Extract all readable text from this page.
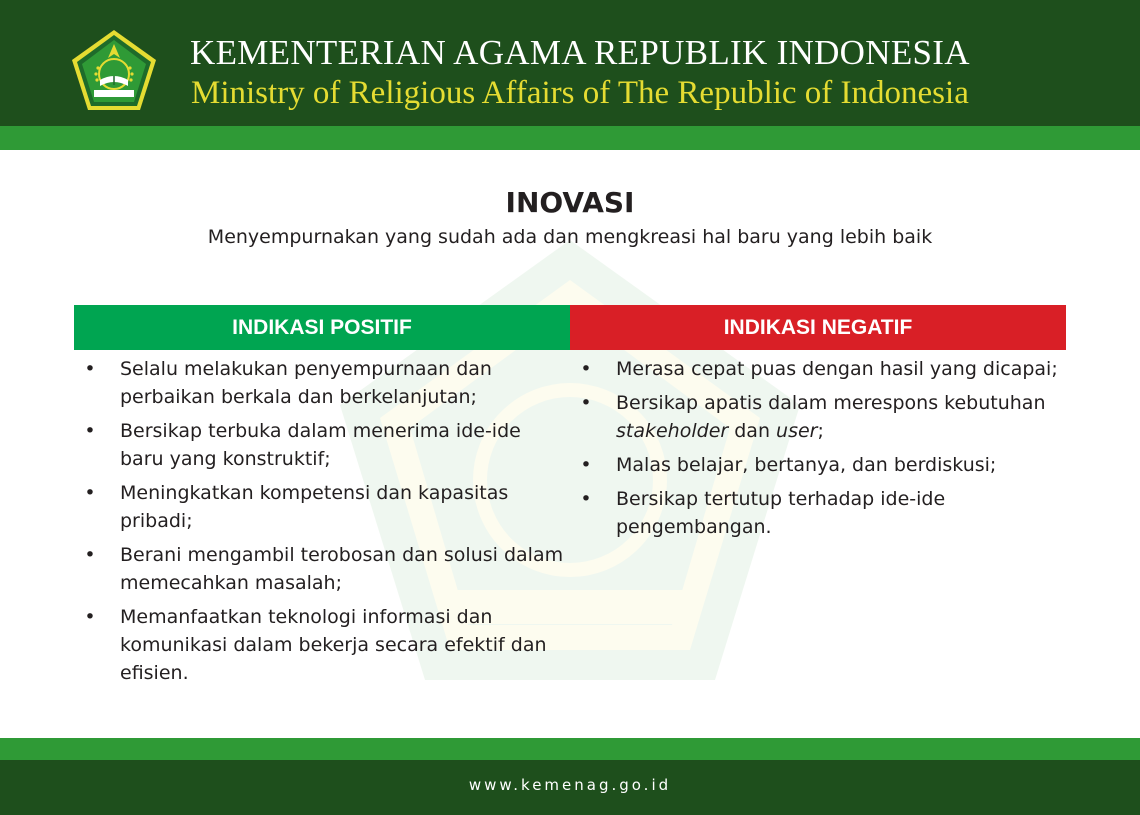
KEMENTERIAN AGAMA REPUBLIK INDONESIA
Ministry of Religious Affairs of The Republic of Indonesia
INOVASI
Menyempurnakan yang sudah ada dan mengkreasi hal baru yang lebih baik
INDIKASI POSITIF	INDIKASI NEGATIF
• Selalu melakukan penyempurnaan dan perbaikan berkala dan berkelanjutan;
• Bersikap terbuka dalam menerima ide-ide baru yang konstruktif;
• Meningkatkan kompetensi dan kapasitas pribadi;
• Berani mengambil terobosan dan solusi dalam memecahkan masalah;
• Memanfaatkan teknologi informasi dan komunikasi dalam bekerja secara efektif dan efisien.
• Merasa cepat puas dengan hasil yang dicapai;
• Bersikap apatis dalam merespons kebutuhan stakeholder dan user;
• Malas belajar, bertanya, dan berdiskusi;
• Bersikap tertutup terhadap ide-ide pengembangan.
www.kemenag.go.id
